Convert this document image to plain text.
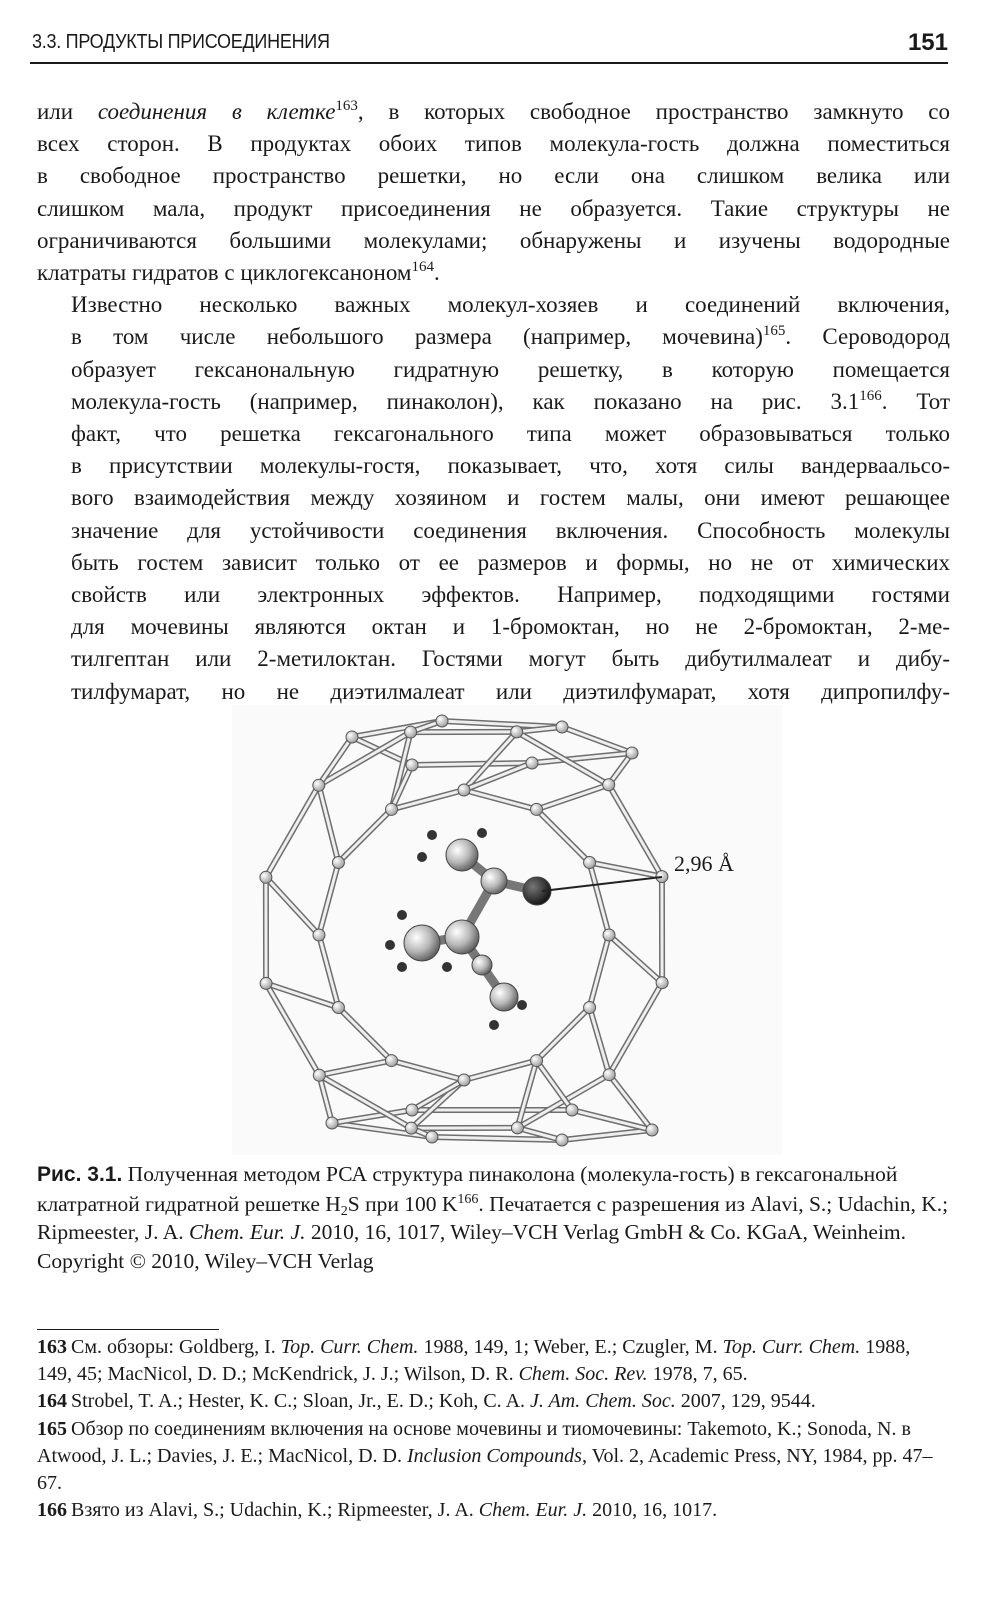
3.3. ПРОДУКТЫ ПРИСОЕДИНЕНИЯ	151

или соединения в клетке$^{163}$, в которых свободное пространство замкнуто со
всех сторон. В продуктах обоих типов молекула-гость должна поместиться
в свободное пространство решетки, но если она слишком велика или
слишком мала, продукт присоединения не образуется. Такие структуры не
ограничиваются большими молекулами; обнаружены и изучены водородные
клатраты гидратов с циклогексаноном$^{164}$.

Известно несколько важных молекул-хозяев и соединений включения,
в том числе небольшого размера (например, мочевина)$^{165}$. Сероводород
образует гексанональную гидратную решетку, в которую помещается
молекула-гость (например, пинаколон), как показано на рис. $3.1^{166}$. Тот
факт, что решетка гексагонального типа может образовываться только
в присутствии молекулы-гостя, показывает, что, хотя силы вандерваальсо-
вого взаимодействия между хозяином и гостем малы, они имеют решающее
значение для устойчивости соединения включения. Способность молекулы
быть гостем зависит только от ее размеров и формы, но не от химических
свойств или электронных эффектов. Например, подходящими гостями
для мочевины являются октан и 1-бромоктан, но не 2-бромоктан, 2-ме-
тилгептан или 2-метилоктан. Гостями могут быть дибутилмалеат и дибу-
тилфумарат, но не диэтилмалеат или диэтилфумарат, хотя дипропилфу-

2,96 Å
Рис. 3.1. Полученная методом РСА структура пинаколона (молекула-гость) в гексагональной клатратной гидратной решетке $H_2S$ при 100 $K^{166}$. Печатается с разрешения из Alavi, S.; Udachin, K.; Ripmeester, J. A. Chem. Eur. J. 2010, 16, 1017, Wiley–VCH Verlag GmbH & Co. KGaA, Weinheim. Copyright © 2010, Wiley–VCH Verlag

163 См. обзоры: Goldberg, I. Top. Curr. Chem. 1988, 149, 1; Weber, E.; Czugler, M. Top. Curr. Chem. 1988, 149, 45; MacNicol, D. D.; McKendrick, J. J.; Wilson, D. R. Chem. Soc. Rev. 1978, 7, 65.

164 Strobel, T. A.; Hester, K. C.; Sloan, Jr., E. D.; Koh, C. A. J. Am. Chem. Soc. 2007, 129, 9544.

165 Обзор по соединениям включения на основе мочевины и тиомочевины: Takemoto, K.; Sonoda, N. в Atwood, J. L.; Davies, J. E.; MacNicol, D. D. Inclusion Compounds, Vol. 2, Academic Press, NY, 1984, pp. 47–67.

166 Взято из Alavi, S.; Udachin, K.; Ripmeester, J. A. Chem. Eur. J. 2010, 16, 1017.
